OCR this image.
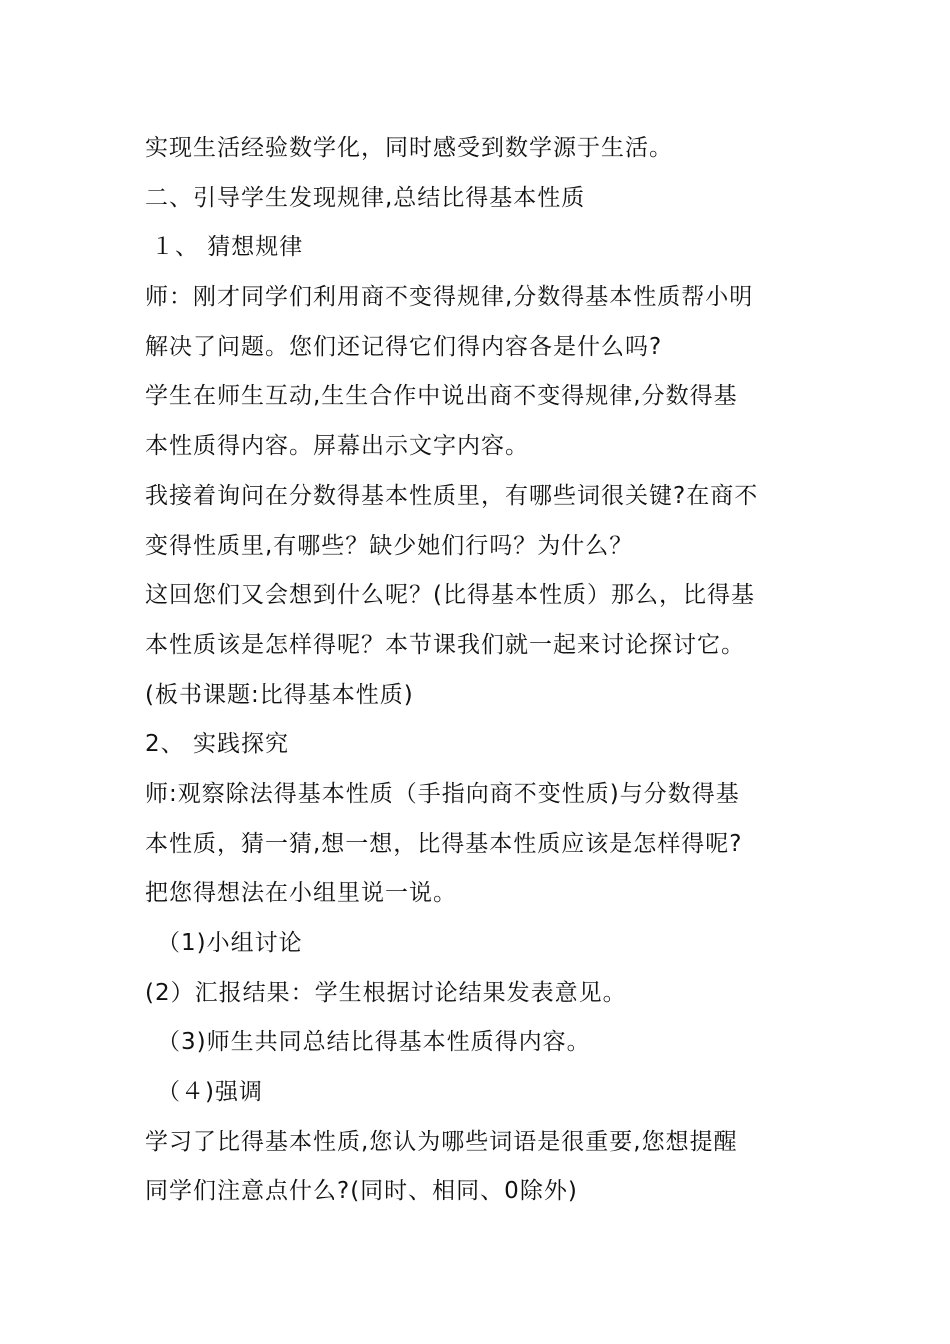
实现生活经验数学化，同时感受到数学源于生活。
二、引导学生发现规律,总结比得基本性质
１、 猜想规律
师：刚才同学们利用商不变得规律,分数得基本性质帮小明
解决了问题。您们还记得它们得内容各是什么吗?
学生在师生互动,生生合作中说出商不变得规律,分数得基
本性质得内容。屏幕出示文字内容。
我接着询问在分数得基本性质里，有哪些词很关键?在商不
变得性质里,有哪些？缺少她们行吗？为什么？
这回您们又会想到什么呢？(比得基本性质）那么，比得基
本性质该是怎样得呢？本节课我们就一起来讨论探讨它。
(板书课题:比得基本性质)
2、 实践探究
师:观察除法得基本性质（手指向商不变性质)与分数得基
本性质，猜一猜,想一想，比得基本性质应该是怎样得呢?
把您得想法在小组里说一说。
（1)小组讨论
(2）汇报结果：学生根据讨论结果发表意见。
（3)师生共同总结比得基本性质得内容。
（４)强调
学习了比得基本性质,您认为哪些词语是很重要,您想提醒
同学们注意点什么?(同时、相同、0除外)
